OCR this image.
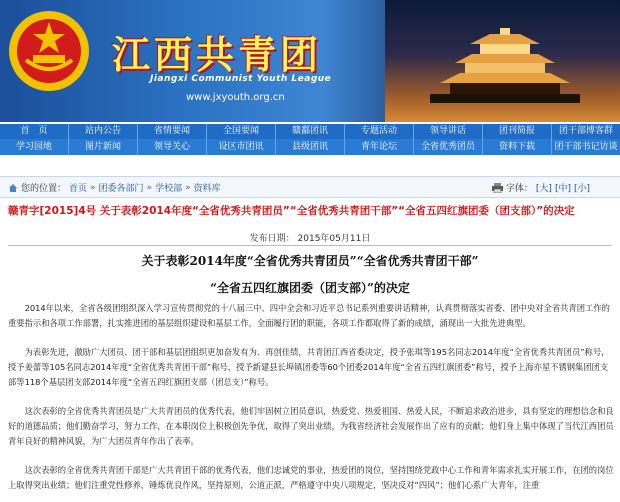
江西共青团
Jiangxi Communist Youth League
www.jxyouth.org.cn
首　页	站内公告	省情要闻	全国要闻	赣鄱团讯	专题活动	领导讲话	团刊简报	团干部博客群
学习园地	图片新闻	领导关心	设区市团讯	县级团讯	青年论坛	全省优秀团员	资料下载	团干部书记访谈
您的位置： 首页 » 团委各部门 » 学校部 » 资料库	字体： [大] [中] [小]
赣青字[2015]4号 关于表彰2014年度“全省优秀共青团员”“全省优秀共青团干部”“全省五四红旗团委（团支部）”的决定
发布日期： 2015年05月11日
关于表彰2014年度“全省优秀共青团员”“全省优秀共青团干部”
“全省五四红旗团委（团支部）”的决定

2014年以来，全省各级团组织深入学习宣传贯彻党的十八届三中、四中全会和习近平总书记系列重要讲话精神，认真贯彻落实省委、团中央对全省共青团工作的重要指示和各项工作部署，扎实推进团的基层组织建设和基层工作，全面履行团的职能，各项工作都取得了新的成绩，涌现出一大批先进典型。

为表彰先进，激励广大团员、团干部和基层团组织更加奋发有为、再创佳绩，共青团江西省委决定，授予张琪等195名同志2014年度“全省优秀共青团员”称号，授予姜蕾等105名同志2014年度“全省优秀共青团干部”称号，授予新建县长埠镇团委等60个团委2014年度“全省五四红旗团委”称号，授予上海亦星不锈钢集团团支部等118个基层团支部2014年度“全省五四红旗团支部（团总支）”称号。

这次表彰的全省优秀共青团员是广大共青团员的优秀代表，他们牢固树立团员意识，热爱党、热爱祖国、热爱人民，不断追求政治进步，具有坚定的理想信念和良好的道德品质；他们勤奋学习，努力工作，在本职岗位上积极创先争优，取得了突出业绩，为我省经济社会发展作出了应有的贡献；他们身上集中体现了当代江西团员青年良好的精神风貌，为广大团员青年作出了表率。

这次表彰的全省优秀共青团干部是广大共青团干部的优秀代表，他们忠诚党的事业，热爱团的岗位，坚持围绕党政中心工作和青年需求扎实开展工作，在团的岗位上取得突出业绩；他们注重党性修养，锤炼优良作风，坚持原则，公道正派，严格遵守中央八项规定，坚决反对“四风”；他们心系广大青年，注重
